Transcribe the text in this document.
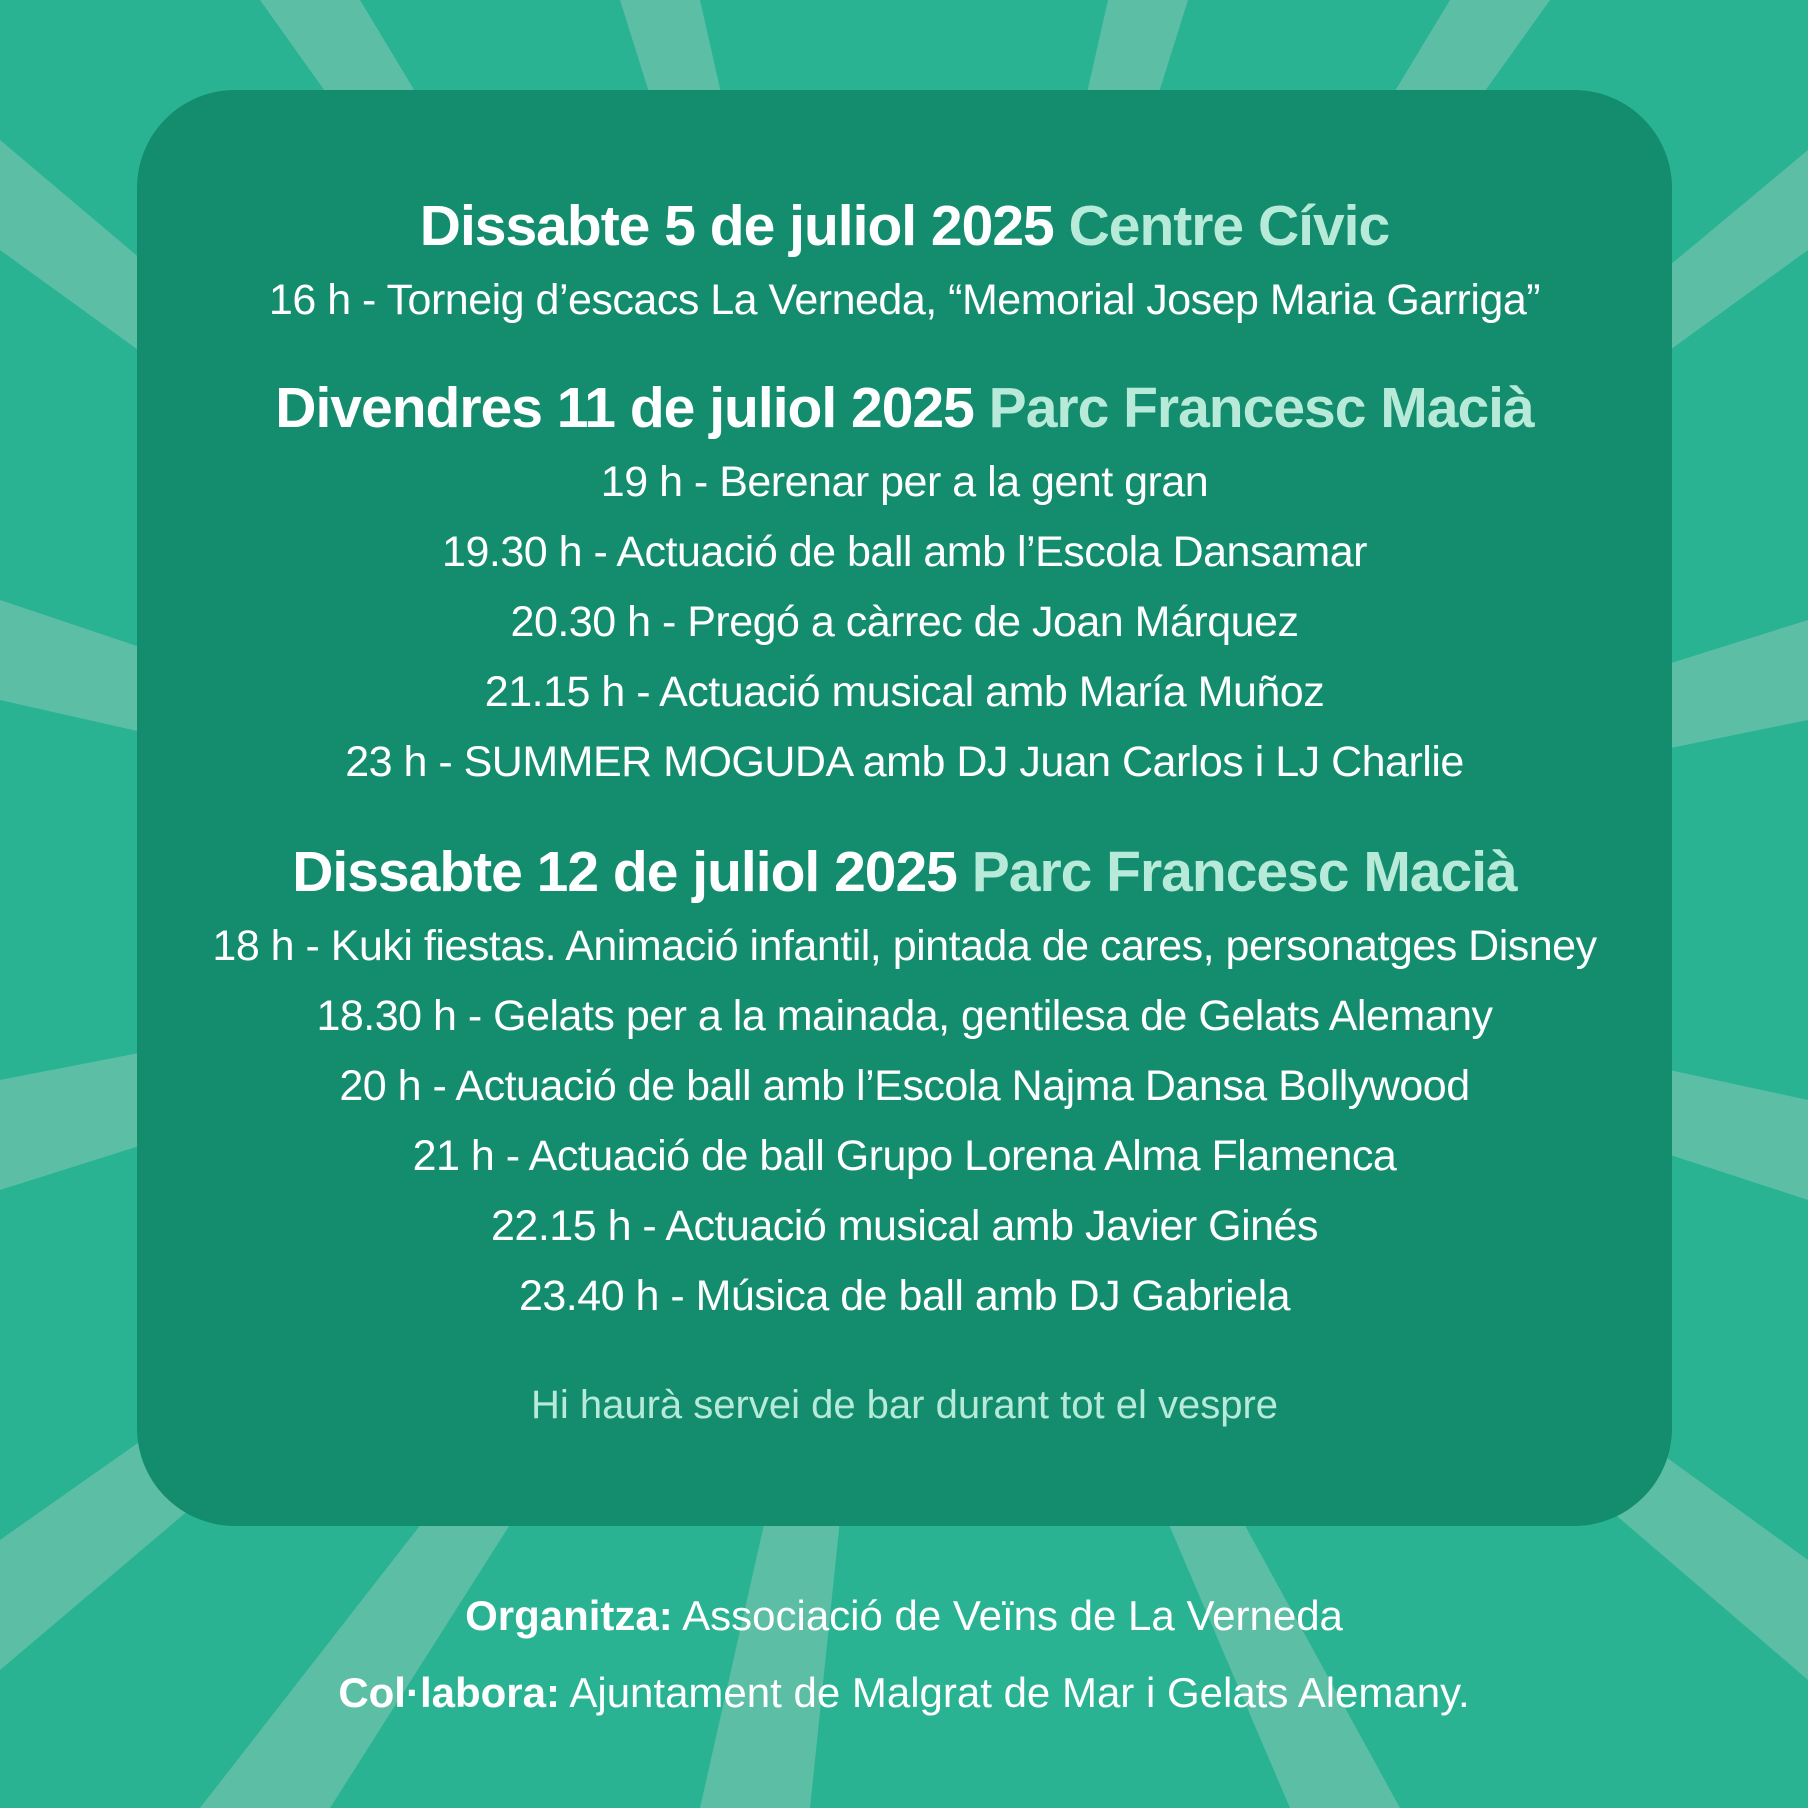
Dissabte 5 de juliol 2025 Centre Cívic

16 h - Torneig d’escacs La Verneda, “Memorial Josep Maria Garriga”

Divendres 11 de juliol 2025 Parc Francesc Macià

19 h - Berenar per a la gent gran

19.30 h - Actuació de ball amb l’Escola Dansamar

20.30 h - Pregó a càrrec de Joan Márquez

21.15 h - Actuació musical amb María Muñoz

23 h - SUMMER MOGUDA amb DJ Juan Carlos i LJ Charlie

Dissabte 12 de juliol 2025 Parc Francesc Macià

18 h - Kuki fiestas. Animació infantil, pintada de cares, personatges Disney

18.30 h - Gelats per a la mainada, gentilesa de Gelats Alemany

20 h - Actuació de ball amb l’Escola Najma Dansa Bollywood

21 h - Actuació de ball Grupo Lorena Alma Flamenca

22.15 h - Actuació musical amb Javier Ginés

23.40 h - Música de ball amb DJ Gabriela

Hi haurà servei de bar durant tot el vespre

Organitza: Associació de Veïns de La Verneda
Col·labora: Ajuntament de Malgrat de Mar i Gelats Alemany.
